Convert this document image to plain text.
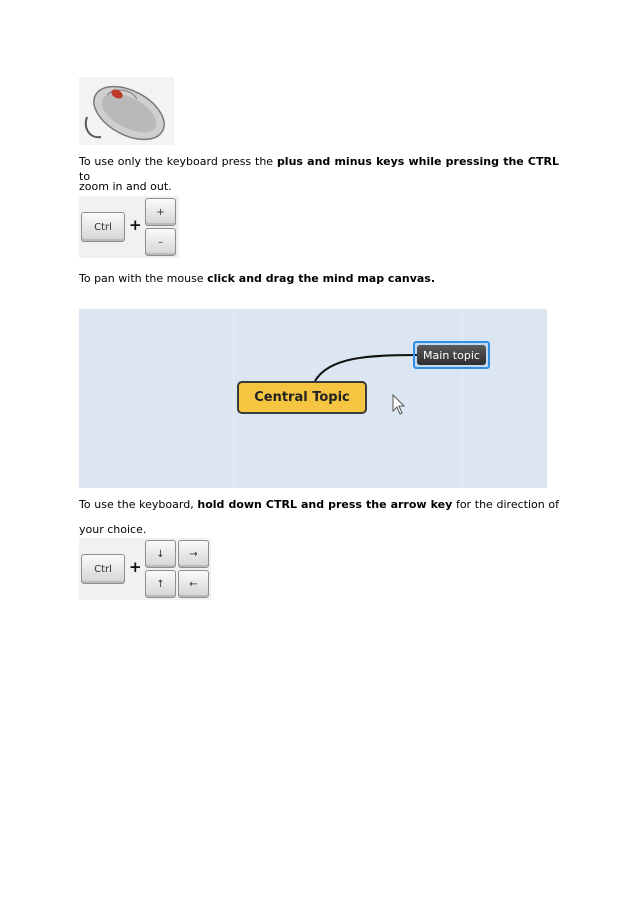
To use only the keyboard press the plus and minus keys while pressing the CTRL to

zoom in and out.

Ctrl	+
+
–

To pan with the mouse click and drag the mind map canvas.

Central Topic
Main topic

To use the keyboard, hold down CTRL and press the arrow key for the direction of

your choice.

Ctrl	+
↓	→
↑	←
